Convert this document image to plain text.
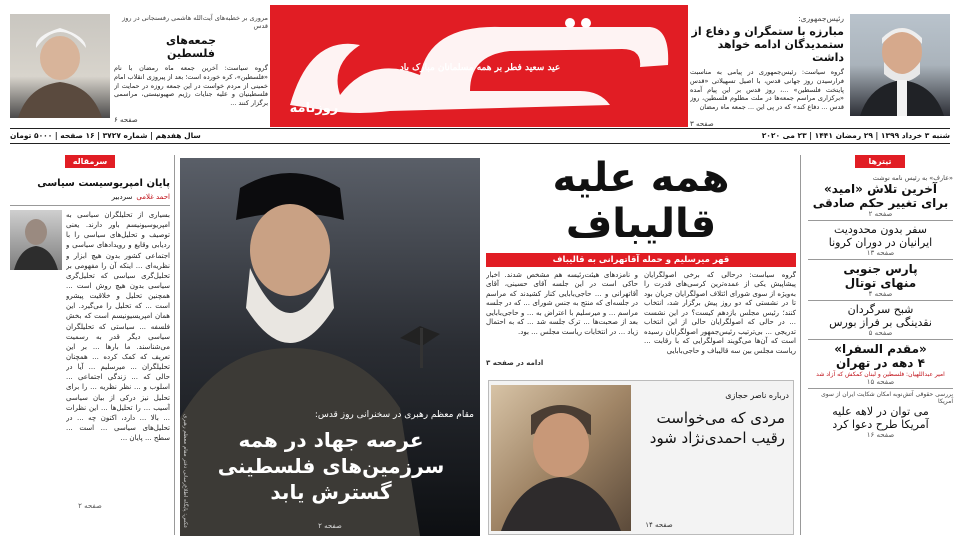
رئیس‌جمهوری:
مبارزه با ستمگران و دفاع از
ستمدیدگان ادامه خواهد داشت
گروه سیاست: رئیس‌جمهوری در پیامی به مناسبت فرارسیدن روز جهانی قدس، با اصیل تسهیلاتی «قدس پایتخت فلسطین» ...، روز قدس بر این پیام آمده «برکزاری مراسم جمعه‌ها در ملت مظلوم فلسطین، روز قدس ... دفاع کند» که در پی این ... جمعه ماه رمضان
صفحه ۳
عید سعید فطر بر همه مسلمانان مبارک باد
روزنامه
مروری بر خطبه‌های آیت‌الله هاشمی رفسنجانی در روز قدس
جمعه‌های
فلسطین
گروه سیاست: آخرین جمعه ماه رمضان با نام «فلسطین»، کره خورده است؛ بعد از پیروزی انقلاب امام خمینی از مردم خواست در این جمعه روزه در حمایت از فلسطینیان و علیه جنایات رژیم صهیونیستی، مراسمی برگزار کنند ...
صفحه ۶
شنبه ۳ خرداد ۱۳۹۹ | ۲۹ رمضان ۱۴۴۱ | ۲۳ می ۲۰۲۰
سال هفدهم | شماره ۳۷۲۷ | ۱۶ صفحه | ۵۰۰۰ تومان
تیترها
«عارف» به رئیس نامه نوشت
آخرین تلاش «امید»
برای تغییر حکم صادقی
صفحه ۲
سفر بدون محدودیت
ایرانیان در دوران کرونا
صفحه ۱۳
پارس جنوبی
منهای توتال
صفحه ۴
شبح سرگردان
نقدینگی بر فراز بورس
صفحه ۵
«مقدم السفرا»
۴ دهه در تهران
امیر عبداللهیان: فلسطین و لبنان کمکش که آزاد شد
صفحه ۱۵
بررسی حقوقی آتش‌نوبه امکان شکایت ایران از سوی آمریکا
می توان در لاهه علیه
آمریکا طرح دعوا کرد
صفحه ۱۶
همه علیه
قالیباف
قهر میرسلیم و حمله آقاتهرانی به قالیباف
گروه سیاست: درحالی که برخی اصولگرایان پیشاپیش یکی از عمده‌ترین کرسی‌های قدرت را به‌ویژه از سوی شورای ائتلاف اصولگرایان جریان بود تا در نشستی که دو روز پیش برگزار شد، انتخاب کنند؛ رئیس مجلس یازدهم کیست؟ در این نشست ... در حالی که اصولگرایان حالی از این انتخاب تدریجی ... بی‌ترتیب رئیس‌جمهور اصولگرایان رسیده است که آن‌ها می‌گویند اصولگرایی که با رقابت ... ریاست مجلس بین سه قالیباف و حاجی‌بابایی
و نامزدهای هیئت‌رئیسه هم مشخص شدند. اخبار حاکی است در این جلسه آقای حسینی، آقای آقاتهرانی و ... حاجی‌بابایی کنار کشیدند که مراسم در جلسه‌ای که منتج به جنس شورای ... که در جلسه مراسم ... و میرسلیم با اعتراض به ... و حاجی‌بابایی بعد از صحبت‌ها ... ترک جلسه شد ... که به احتمال زیاد ... در انتخابات ریاست مجلس ... بود.
ادامه در صفحه ۳
درباره ناصر حجازی
مردی که می‌خواست
رقیب احمدی‌نژاد شود
صفحه ۱۴
عکس: پایگاه اطلاع‌رسانی دفتر مقام معظم رهبری	مقام معظم رهبری در سخنرانی روز قدس:
عرصه جهاد در همه
سرزمین‌های فلسطینی
گسترش یابد
صفحه ۲
سرمقاله
پایان امپریوسیست سیاسی
احمد غلامی
سردبیر
بسیاری از تحلیلگران سیاسی به امپریوسیونیسم باور دارند. یعنی توصیف و تحلیل‌های سیاسی را با ردیابی وقایع و رویدادهای سیاسی و اجتماعی کشور بدون هیچ ابزار و نظریه‌ای ... اینکه آن را مفهومی بر تحلیل‌گری سیاسی که تحلیل‌گری سیاسی بدون هیچ روش است ... همچنین تحلیل و خلاقیت پیشرو است ... که تحلیل را می‌گیرد. این همان امپریسیونیسم است که بخش فلسفه ... سیاستی که تحلیلگر‌ان سیاسی دیگر قدر به رسمیت می‌شناسند. ما بارها ... بر این تعریف که کمک کرده ... همچنان تحلیلگران ... میرسلیم ... آیا در حالی که ... زندگی اجتماعی ... اسلوب و ... نظر نظریه ... را برای تحلیل نیز درکی از بیان سیاسی آسیب ... را تحلیل‌ها ... این نظرات ... بالا ... دارد، اکنون چه ... در تحلیل‌های سیاسی ... است ... سطح ... پایان ...
صفحه ۲
